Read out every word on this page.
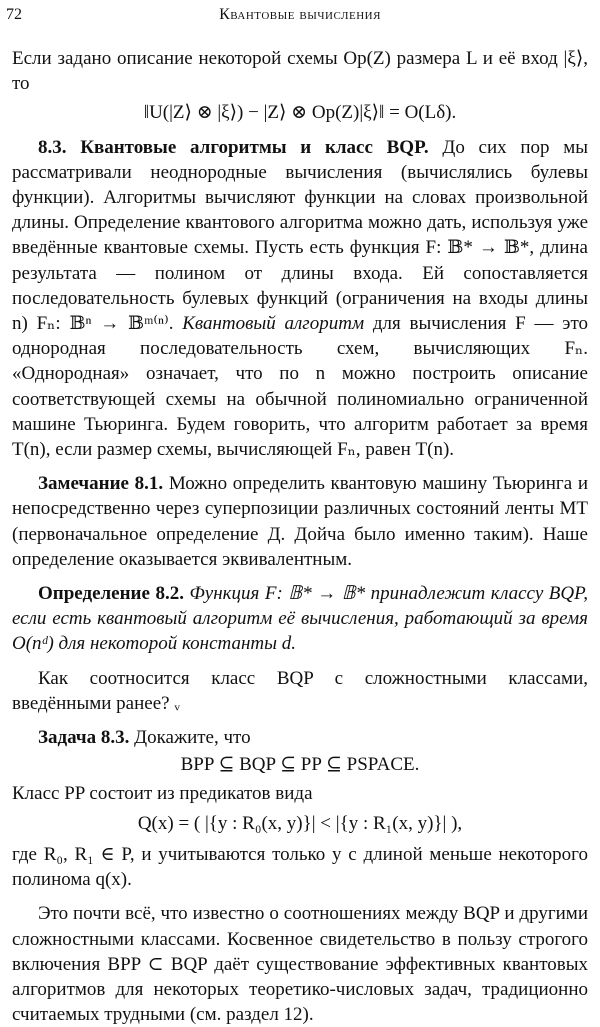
72	Квантовые вычисления

Если задано описание некоторой схемы Op(Z) размера L и её вход |ξ⟩, то

‖U(|Z⟩ ⊗ |ξ⟩) − |Z⟩ ⊗ Op(Z)|ξ⟩‖ = O(Lδ).

8.3. Квантовые алгоритмы и класс BQP. До сих пор мы рассматривали неоднородные вычисления (вычислялись булевы функции). Алгоритмы вычисляют функции на словах произвольной длины. Определение квантового алгоритма можно дать, используя уже введённые квантовые схемы. Пусть есть функция F: 𝔹* → 𝔹*, длина результата — полином от длины входа. Ей сопоставляется последовательность булевых функций (ограничения на входы длины n) Fₙ: 𝔹ⁿ → 𝔹ᵐ⁽ⁿ⁾. Квантовый алгоритм для вычисления F — это однородная последовательность схем, вычисляющих Fₙ. «Однородная» означает, что по n можно построить описание соответствующей схемы на обычной полиномиально ограниченной машине Тьюринга. Будем говорить, что алгоритм работает за время T(n), если размер схемы, вычисляющей Fₙ, равен T(n).

Замечание 8.1. Можно определить квантовую машину Тьюринга и непосредственно через суперпозиции различных состояний ленты МТ (первоначальное определение Д. Дойча было именно таким). Наше определение оказывается эквивалентным.

Определение 8.2. Функция F: 𝔹* → 𝔹* принадлежит классу BQP, если есть квантовый алгоритм её вычисления, работающий за время O(nᵈ) для некоторой константы d.

Как соотносится класс BQP с сложностными классами, введёнными ранее? ᵥ

Задача 8.3. Докажите, что

BPP ⊆ BQP ⊆ PP ⊆ PSPACE.

Класс PP состоит из предикатов вида

Q(x) = ( |{y : R₀(x, y)}| < |{y : R₁(x, y)}| ),

где R₀, R₁ ∈ P, и учитываются только y с длиной меньше некоторого полинома q(x).

Это почти всё, что известно о соотношениях между BQP и другими сложностными классами. Косвенное свидетельство в пользу строгого включения BPP ⊂ BQP даёт существование эффективных квантовых алгоритмов для некоторых теоретико-числовых задач, традиционно считаемых трудными (см. раздел 12).
